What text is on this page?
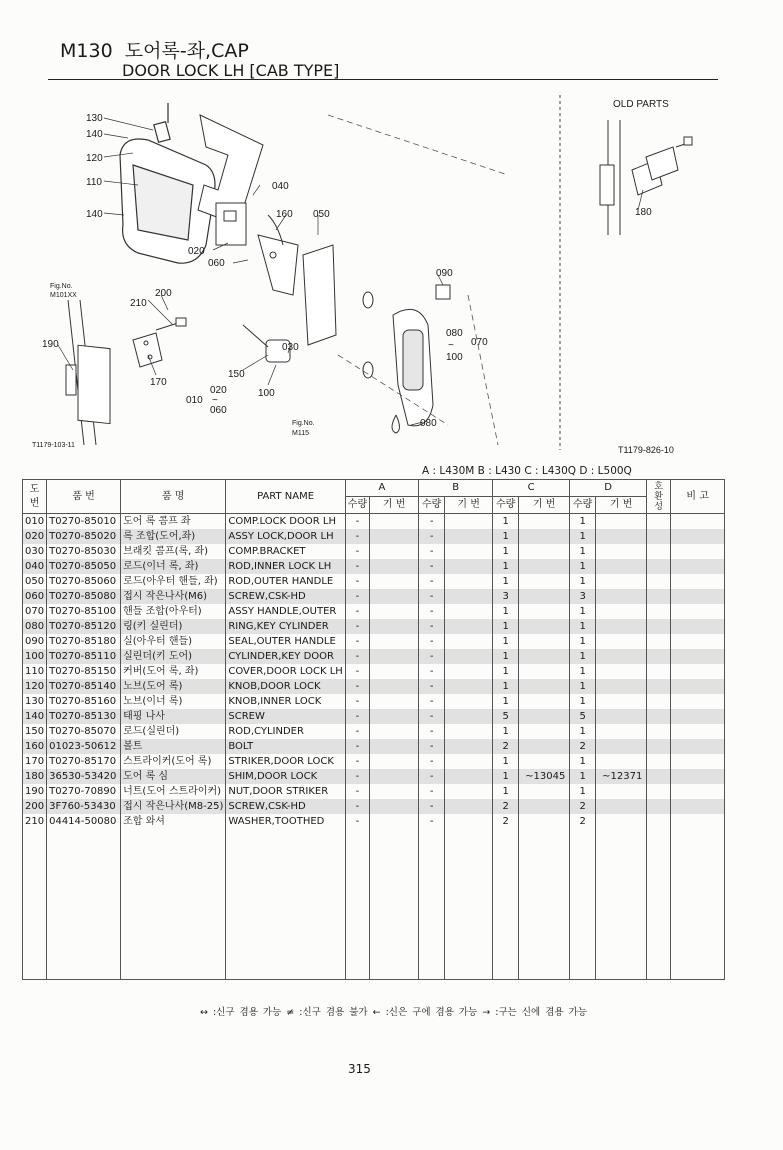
M130 도어록-좌,CAP
DOOR LOCK LH [CAB TYPE]
130
140
120
110
140
040
160 050
020
060
090
080
070
100
030
150
100
200
210
190
170
010
020
060
080
~
~
Fig.No.
M101XX
Fig.No.
M115
T1179-103-11
OLD PARTS
180
T1179-826-10
A : L430M B : L430 C : L430Q D : L500Q
도
번	품 번	품 명	PART NAME	A		B		C		D		호
환
성	비 고
				수량	기 번	수량	기 번	수량	기 번	수량	기 번		
010	T0270-85010	도어 록 콤프 좌	COMP.LOCK DOOR LH	-		-		1		1			
020	T0270-85020	록 조합(도어,좌)	ASSY LOCK,DOOR LH	-		-		1		1			
030	T0270-85030	브래킷 콤프(록, 좌)	COMP.BRACKET	-		-		1		1			
040	T0270-85050	로드(이너 록, 좌)	ROD,INNER LOCK LH	-		-		1		1			
050	T0270-85060	로드(아우터 핸들, 좌)	ROD,OUTER HANDLE	-		-		1		1			
060	T0270-85080	접시 작은나사(M6)	SCREW,CSK-HD	-		-		3		3			
070	T0270-85100	핸들 조합(아우터)	ASSY HANDLE,OUTER	-		-		1		1			
080	T0270-85120	링(키 실린더)	RING,KEY CYLINDER	-		-		1		1			
090	T0270-85180	실(아우터 핸들)	SEAL,OUTER HANDLE	-		-		1		1			
100	T0270-85110	실린더(키 도어)	CYLINDER,KEY DOOR	-		-		1		1			
110	T0270-85150	커버(도어 록, 좌)	COVER,DOOR LOCK LH	-		-		1		1			
120	T0270-85140	노브(도어 록)	KNOB,DOOR LOCK	-		-		1		1			
130	T0270-85160	노브(이너 록)	KNOB,INNER LOCK	-		-		1		1			
140	T0270-85130	태핑 나사	SCREW	-		-		5		5			
150	T0270-85070	로드(실린더)	ROD,CYLINDER	-		-		1		1			
160	01023-50612	볼트	BOLT	-		-		2		2			
170	T0270-85170	스트라이커(도어 록)	STRIKER,DOOR LOCK	-		-		1		1			
180	36530-53420	도어 록 심	SHIM,DOOR LOCK	-		-		1	~13045	1	~12371		
190	T0270-70890	너트(도어 스트라이커)	NUT,DOOR STRIKER	-		-		1		1			
200	3F760-53430	접시 작은나사(M8-25)	SCREW,CSK-HD	-		-		2		2			
210	04414-50080	조합 와셔	WASHER,TOOTHED	-		-		2		2			

↔ :신구 겸용 가능 ≠ :신구 겸용 불가 ← :신은 구에 겸용 가능 → :구는 신에 겸용 가능
315
